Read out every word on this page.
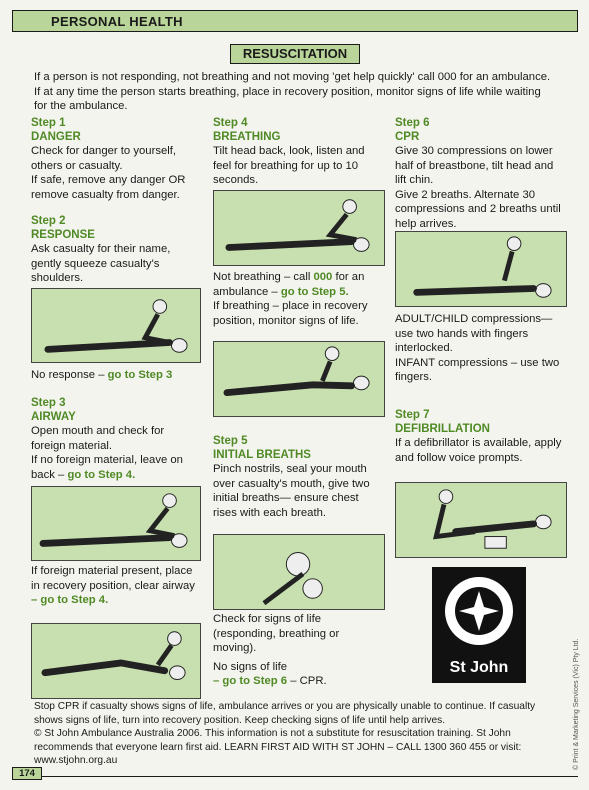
PERSONAL HEALTH
RESUSCITATION
If a person is not responding, not breathing and not moving 'get help quickly' call 000 for an ambulance. If at any time the person starts breathing, place in recovery position, monitor signs of life while waiting for the ambulance.
Step 1
DANGER
Check for danger to yourself, others or casualty.
If safe, remove any danger OR remove casualty from danger.
Step 2
RESPONSE
Ask casualty for their name, gently squeeze casualty's shoulders.
No response – go to Step 3
Step 3
AIRWAY
Open mouth and check for foreign material.
If no foreign material, leave on back – go to Step 4.
If foreign material present, place in recovery position, clear airway
– go to Step 4.
Step 4
BREATHING
Tilt head back, look, listen and feel for breathing for up to 10 seconds.
Not breathing – call 000 for an ambulance – go to Step 5.
If breathing – place in recovery position, monitor signs of life.
Step 5
INITIAL BREATHS
Pinch nostrils, seal your mouth over casualty's mouth, give two initial breaths— ensure chest rises with each breath.
Check for signs of life (responding, breathing or moving).
No signs of life
– go to Step 6 – CPR.
Step 6
CPR
Give 30 compressions on lower half of breastbone, tilt head and lift chin.
Give 2 breaths. Alternate 30 compressions and 2 breaths until help arrives.
ADULT/CHILD compressions—use two hands with fingers interlocked.
INFANT compressions – use two fingers.
Step 7
DEFIBRILLATION
If a defibrillator is available, apply and follow voice prompts.
St John
Stop CPR if casualty shows signs of life, ambulance arrives or you are physically unable to continue. If casualty shows signs of life, turn into recovery position. Keep checking signs of life until help arrives.
© St John Ambulance Australia 2006. This information is not a substitute for resuscitation training. St John recommends that everyone learn first aid. LEARN FIRST AID WITH ST JOHN – CALL 1300 360 455 or visit: www.stjohn.org.au
174
© Print & Marketing Services (Vic) Pty Ltd.
